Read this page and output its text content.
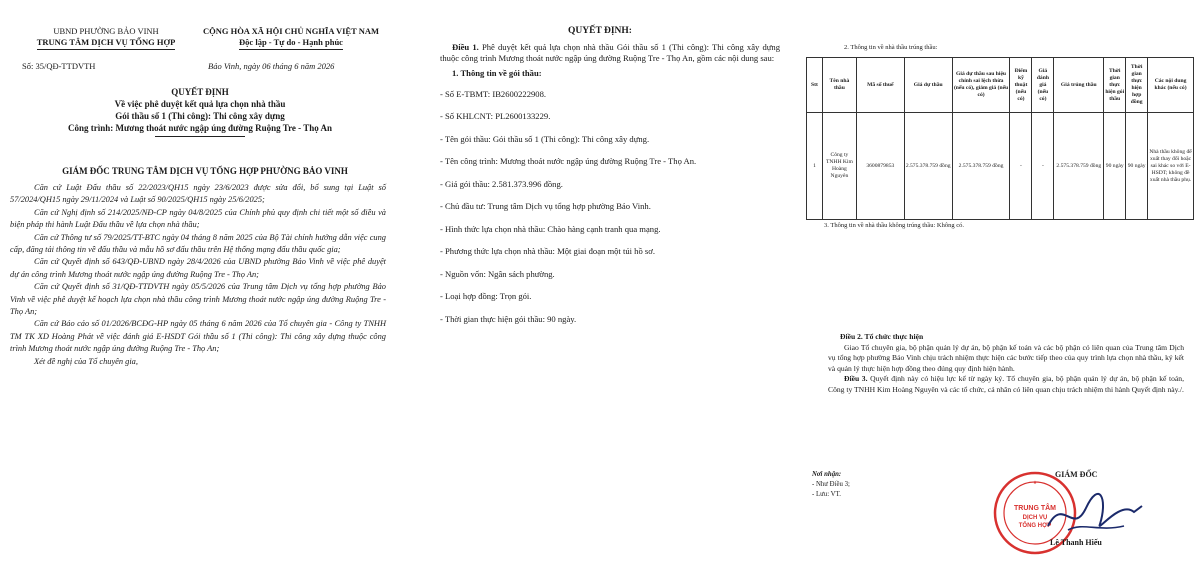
UBND PHƯỜNG BẢO VINH
TRUNG TÂM DỊCH VỤ TỔNG HỢP
CỘNG HÒA XÃ HỘI CHỦ NGHĨA VIỆT NAM
Độc lập - Tự do - Hạnh phúc
Số: 35/QĐ-TTDVTH	Bảo Vinh, ngày 06 tháng 6 năm 2026
QUYẾT ĐỊNH
Về việc phê duyệt kết quả lựa chọn nhà thầu
Gói thầu số 1 (Thi công): Thi công xây dựng
Công trình: Mương thoát nước ngập úng đường Ruộng Tre - Thọ An
GIÁM ĐỐC TRUNG TÂM DỊCH VỤ TỔNG HỢP PHƯỜNG BẢO VINH

Căn cứ Luật Đấu thầu số 22/2023/QH15 ngày 23/6/2023 được sửa đổi, bổ sung tại Luật số 57/2024/QH15 ngày 29/11/2024 và Luật số 90/2025/QH15 ngày 25/6/2025;

Căn cứ Nghị định số 214/2025/NĐ-CP ngày 04/8/2025 của Chính phủ quy định chi tiết một số điều và biện pháp thi hành Luật Đấu thầu về lựa chọn nhà thầu;

Căn cứ Thông tư số 79/2025/TT-BTC ngày 04 tháng 8 năm 2025 của Bộ Tài chính hướng dẫn việc cung cấp, đăng tải thông tin về đấu thầu và mẫu hồ sơ đấu thầu trên Hệ thống mạng đấu thầu quốc gia;

Căn cứ Quyết định số 643/QĐ-UBND ngày 28/4/2026 của UBND phường Bảo Vinh về việc phê duyệt dự án công trình Mương thoát nước ngập úng đường Ruộng Tre - Thọ An;

Căn cứ Quyết định số 31/QĐ-TTDVTH ngày 05/5/2026 của Trung tâm Dịch vụ tổng hợp phường Bảo Vinh về việc phê duyệt kế hoạch lựa chọn nhà thầu công trình Mương thoát nước ngập úng đường Ruộng Tre - Thọ An;

Căn cứ Báo cáo số 01/2026/BCĐG-HP ngày 05 tháng 6 năm 2026 của Tổ chuyên gia - Công ty TNHH TM TK XD Hoàng Phát về việc đánh giá E-HSDT Gói thầu số 1 (Thi công): Thi công xây dựng thuộc công trình Mương thoát nước ngập úng đường Ruộng Tre - Thọ An;

Xét đề nghị của Tổ chuyên gia,

QUYẾT ĐỊNH:

Điều 1. Phê duyệt kết quả lựa chọn nhà thầu Gói thầu số 1 (Thi công): Thi công xây dựng thuộc công trình Mương thoát nước ngập úng đường Ruộng Tre - Thọ An, gồm các nội dung sau:

1. Thông tin về gói thầu:

- Số E-TBMT: IB2600222908.

- Số KHLCNT: PL2600133229.

- Tên gói thầu: Gói thầu số 1 (Thi công): Thi công xây dựng.

- Tên công trình: Mương thoát nước ngập úng đường Ruộng Tre - Thọ An.

- Giá gói thầu: 2.581.373.996 đồng.

- Chủ đầu tư: Trung tâm Dịch vụ tổng hợp phường Bảo Vinh.

- Hình thức lựa chọn nhà thầu: Chào hàng cạnh tranh qua mạng.

- Phương thức lựa chọn nhà thầu: Một giai đoạn một túi hồ sơ.

- Nguồn vốn: Ngân sách phường.

- Loại hợp đồng: Trọn gói.

- Thời gian thực hiện gói thầu: 90 ngày.

2. Thông tin về nhà thầu trúng thầu:
Stt	Tên nhà thầu	Mã số thuế	Giá dự thầu	Giá dự thầu sau hiệu chỉnh sai lệch thừa (nếu có), giảm giá (nếu có)	Điểm kỹ thuật (nếu có)	Giá đánh giá (nếu có)	Giá trúng thầu	Thời gian thực hiện gói thầu	Thời gian thực hiện hợp đồng	Các nội dung khác (nếu có)
1	Công ty TNHH Kim Hoàng Nguyên	3600879853	2.575.378.759 đồng	2.575.378.759 đồng	-	-	2.575.378.759 đồng	90 ngày	90 ngày	Nhà thầu không để xuất thay đổi hoặc sai khác so với E-HSDT; không đề xuất nhà thầu phụ.
3. Thông tin về nhà thầu không trúng thầu: Không có.

Điều 2. Tổ chức thực hiện

Giao Tổ chuyên gia, bộ phận quản lý dự án, bộ phận kế toán và các bộ phận có liên quan của Trung tâm Dịch vụ tổng hợp phường Bảo Vinh chịu trách nhiệm thực hiện các bước tiếp theo của quy trình lựa chọn nhà thầu, ký kết và quản lý thực hiện hợp đồng theo đúng quy định hiện hành.

Điều 3. Quyết định này có hiệu lực kể từ ngày ký. Tổ chuyên gia, bộ phận quản lý dự án, bộ phận kế toán, Công ty TNHH Kim Hoàng Nguyên và các tổ chức, cá nhân có liên quan chịu trách nhiệm thi hành Quyết định này./.

Nơi nhận:
- Như Điều 3;
- Lưu: VT.
TRUNG TÂM
DỊCH VỤ
TỔNG HỢP
★
GIÁM ĐỐC
Lê Thanh Hiếu
